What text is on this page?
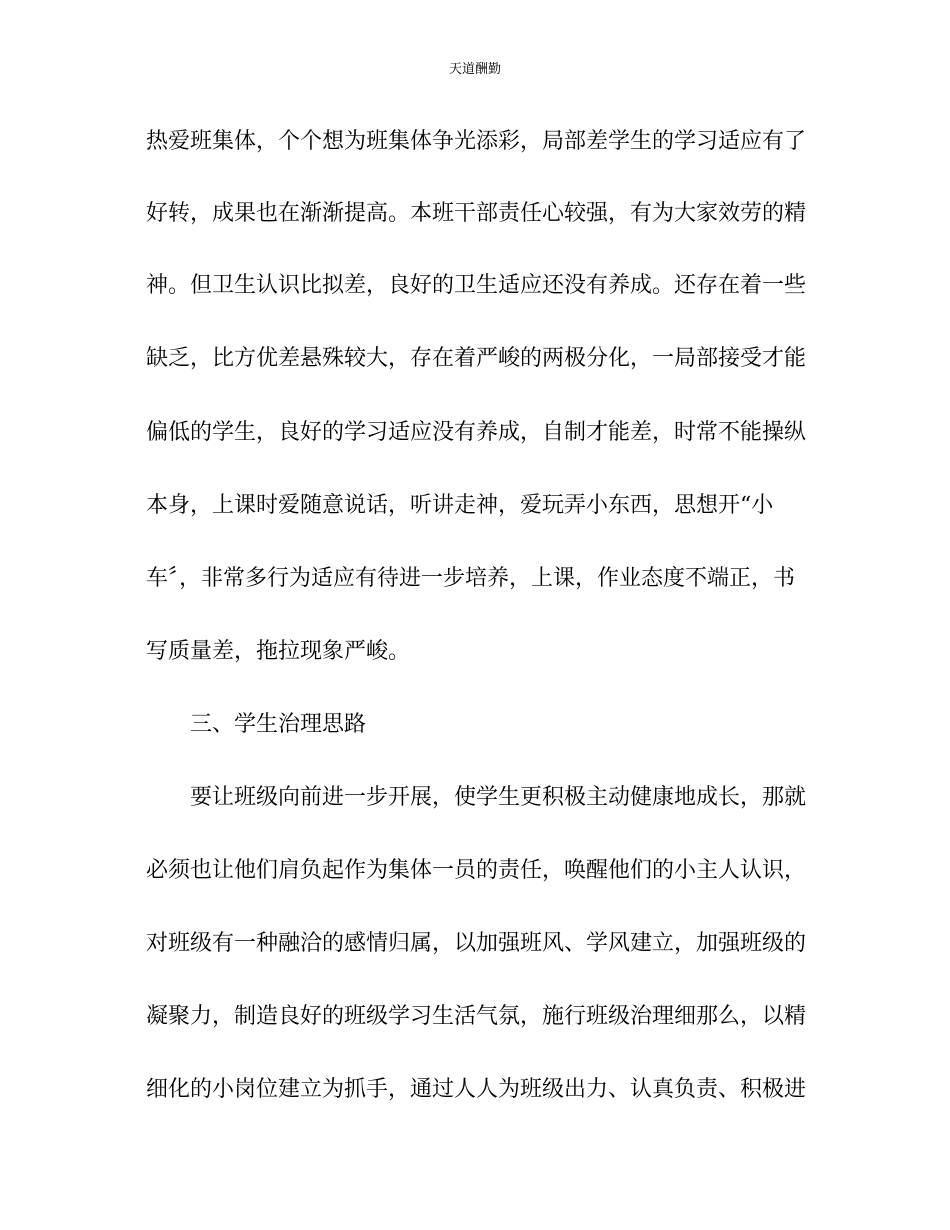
天道酬勤
热爱班集体，个个想为班集体争光添彩，局部差学生的学习适应有了
好转，成果也在渐渐提高。本班干部责任心较强，有为大家效劳的精
神。但卫生认识比拟差，良好的卫生适应还没有养成。还存在着一些
缺乏，比方优差悬殊较大，存在着严峻的两极分化，一局部接受才能
偏低的学生，良好的学习适应没有养成，自制才能差，时常不能操纵
本身，上课时爱随意说话，听讲走神，爱玩弄小东西，思想开“小
车〞，非常多行为适应有待进一步培养，上课，作业态度不端正，书
写质量差，拖拉现象严峻。
三、学生治理思路
要让班级向前进一步开展，使学生更积极主动健康地成长，那就
必须也让他们肩负起作为集体一员的责任，唤醒他们的小主人认识，
对班级有一种融洽的感情归属，以加强班风、学风建立，加强班级的
凝聚力，制造良好的班级学习生活气氛，施行班级治理细那么，以精
细化的小岗位建立为抓手，通过人人为班级出力、认真负责、积极进
